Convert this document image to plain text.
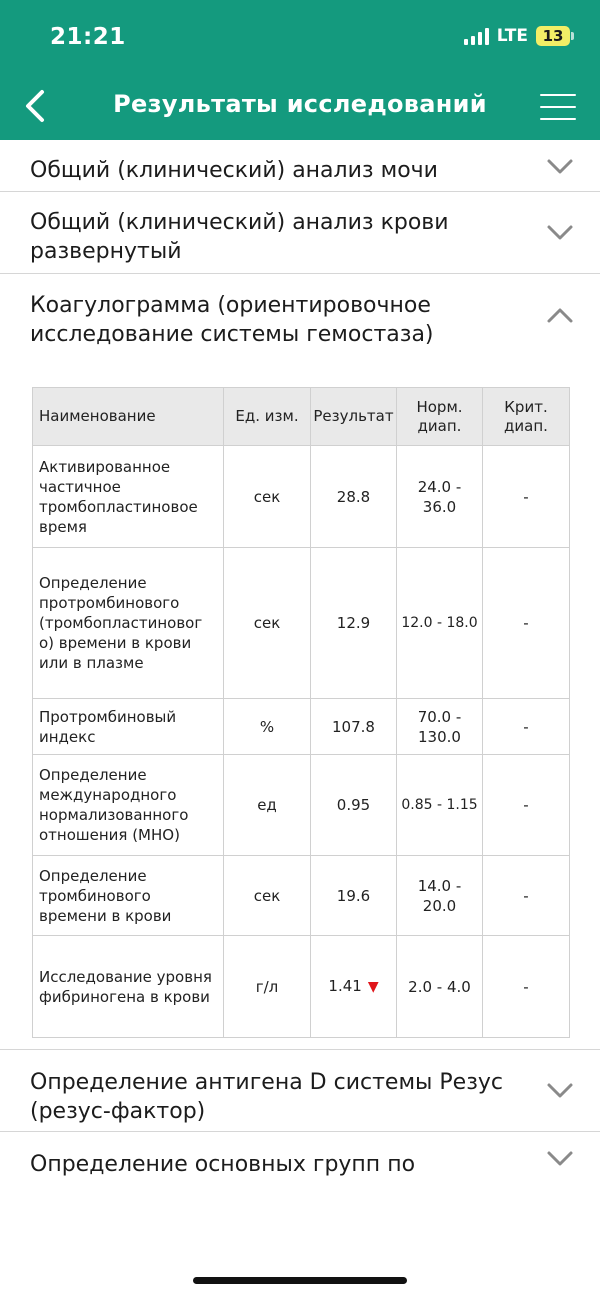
21:21	LTE 13
Результаты исследований
Общий (клинический) анализ мочи
Общий (клинический) анализ крови развернутый
Коагулограмма (ориентировочное исследование системы гемостаза)
Наименование	Ед. изм.	Результат	Норм. диап.	Крит. диап.
Активированное частичное тромбопластиновое время	сек	28.8	24.0 - 36.0	-
Определение протромбинового (тромбопластиновог о) времени в крови или в плазме	сек	12.9	12.0 - 18.0	-
Протромбиновый индекс	%	107.8	70.0 - 130.0	-
Определение международного нормализованного отношения (МНО)	ед	0.95	0.85 - 1.15	-
Определение тромбинового времени в крови	сек	19.6	14.0 - 20.0	-
Исследование уровня фибриногена в крови	г/л	1.41 ▼	2.0 - 4.0	-
Определение антигена D системы Резус (резус-фактор)
Определение основных групп по
